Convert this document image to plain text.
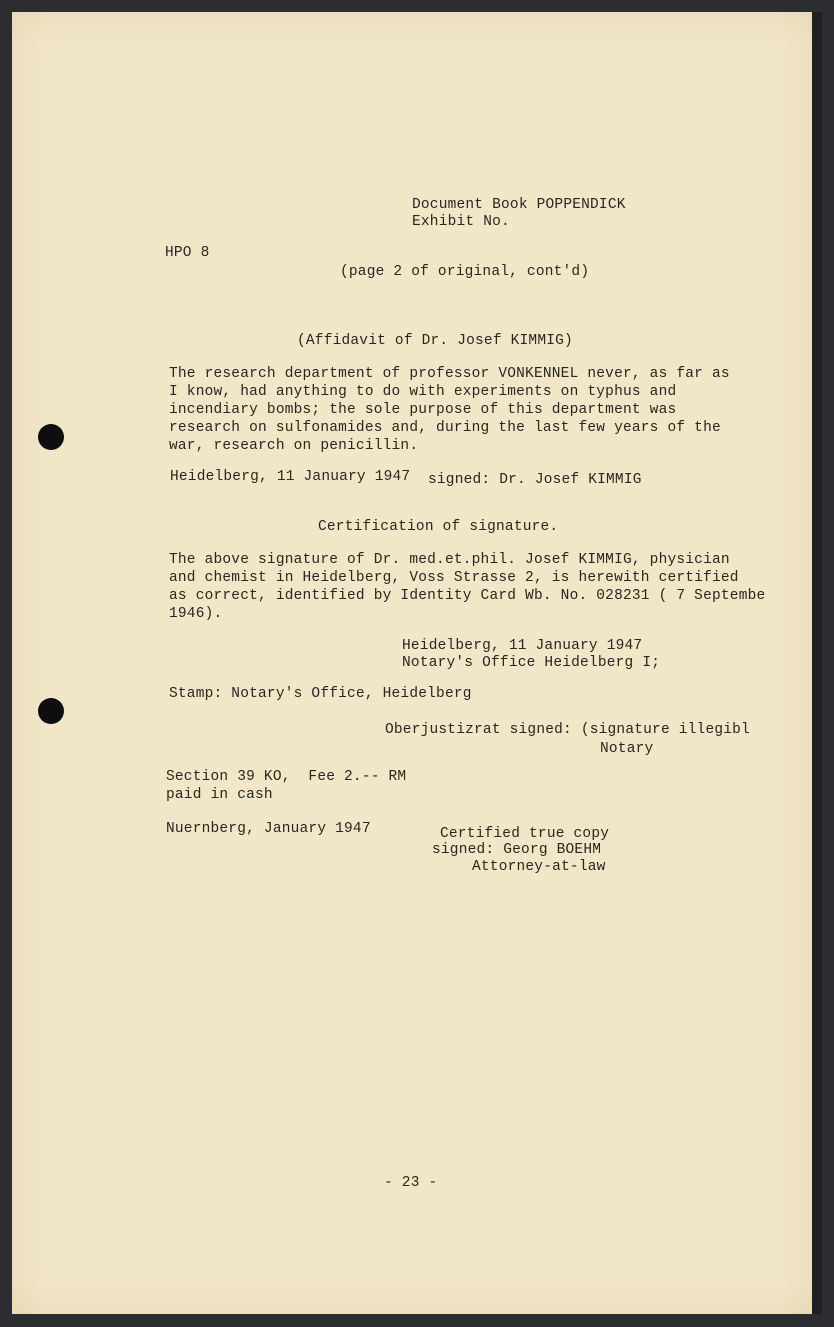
Document Book POPPENDICK

Exhibit No.

HPO 8

(page 2 of original, cont'd)

(Affidavit of Dr. Josef KIMMIG)

The research department of professor VONKENNEL never, as far as

I know, had anything to do with experiments on typhus and

incendiary bombs; the sole purpose of this department was

research on sulfonamides and, during the last few years of the

war, research on penicillin.

Heidelberg, 11 January 1947 signed: Dr. Josef KIMMIG

Certification of signature.

The above signature of Dr. med.et.phil. Josef KIMMIG, physician

and chemist in Heidelberg, Voss Strasse 2, is herewith certified

as correct, identified by Identity Card Wb. No. 028231 ( 7 Septembe

1946).

Heidelberg, 11 January 1947

Notary's Office Heidelberg I;

Stamp: Notary's Office, Heidelberg

Oberjustizrat signed: (signature illegibl

Notary

Section 39 KO,  Fee 2.-- RM

paid in cash

Nuernberg, January 1947	Certified true copy

signed: Georg BOEHM

Attorney-at-law

- 23 -
